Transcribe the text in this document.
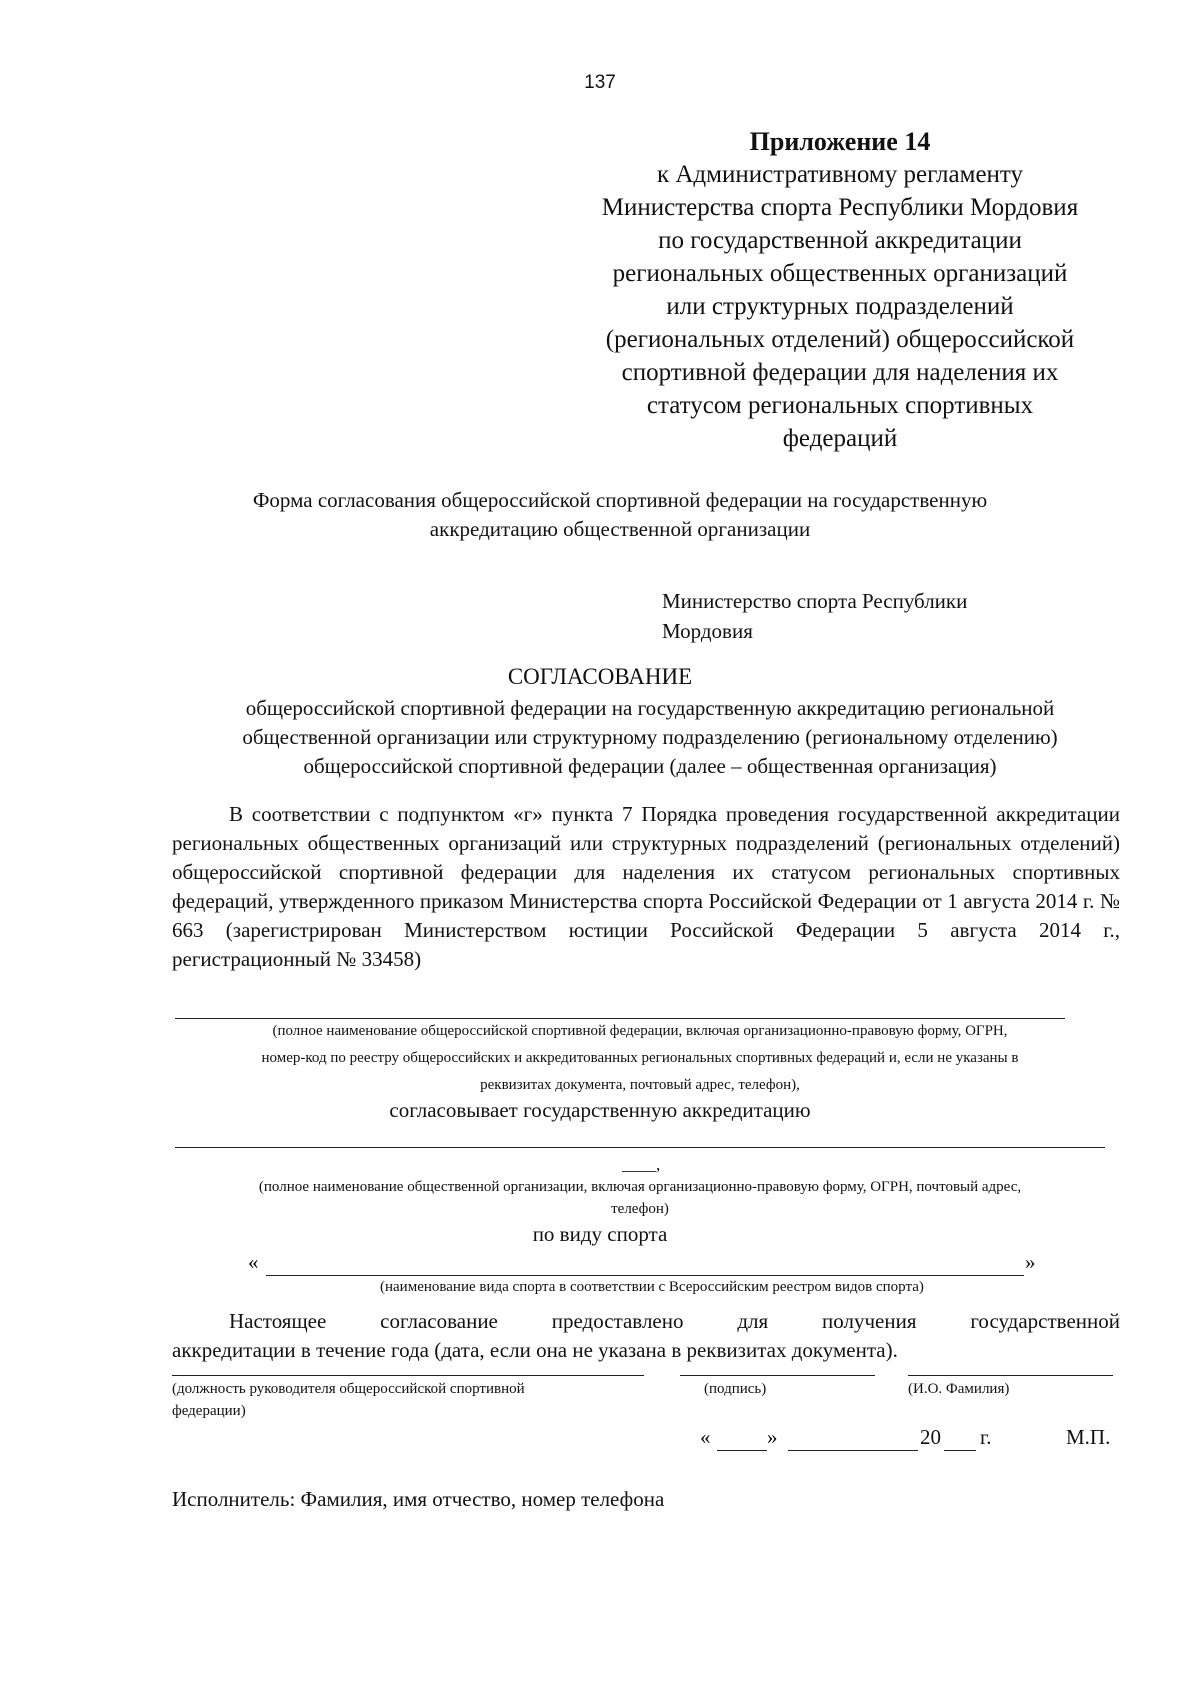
137
Приложение 14
к Административному регламенту
Министерства спорта Республики Мордовия
по государственной аккредитации
региональных общественных организаций
или структурных подразделений
(региональных отделений) общероссийской
спортивной федерации для наделения их
статусом региональных спортивных
федераций
Форма согласования общероссийской спортивной федерации на государственную
аккредитацию общественной организации
Министерство спорта Республики
Мордовия
СОГЛАСОВАНИЕ
общероссийской спортивной федерации на государственную аккредитацию региональной
общественной организации или структурному подразделению (региональному отделению)
общероссийской спортивной федерации (далее – общественная организация)
В соответствии с подпунктом «г» пункта 7 Порядка проведения государственной аккредитации региональных общественных организаций или структурных подразделений (региональных отделений) общероссийской спортивной федерации для наделения их статусом региональных спортивных федераций, утвержденного приказом Министерства спорта Российской Федерации от 1 августа 2014 г. № 663 (зарегистрирован Министерством юстиции Российской Федерации 5 августа 2014 г., регистрационный № 33458)
(полное наименование общероссийской спортивной федерации, включая организационно-правовую форму, ОГРН,
номер-код по реестру общероссийских и аккредитованных региональных спортивных федераций и, если не указаны в
реквизитах документа, почтовый адрес, телефон),
согласовывает государственную аккредитацию
____,
(полное наименование общественной организации, включая организационно-правовую форму, ОГРН, почтовый адрес,
телефон)
по виду спорта
«	»
(наименование вида спорта в соответствии с Всероссийским реестром видов спорта)
Настоящее согласование предоставлено для получения государственной
аккредитации в течение года (дата, если она не указана в реквизитах документа).
(должность руководителя общероссийской спортивной
федерации)
(подпись)	(И.О. Фамилия)
«	»	20 г.	М.П.
Исполнитель: Фамилия, имя отчество, номер телефона
